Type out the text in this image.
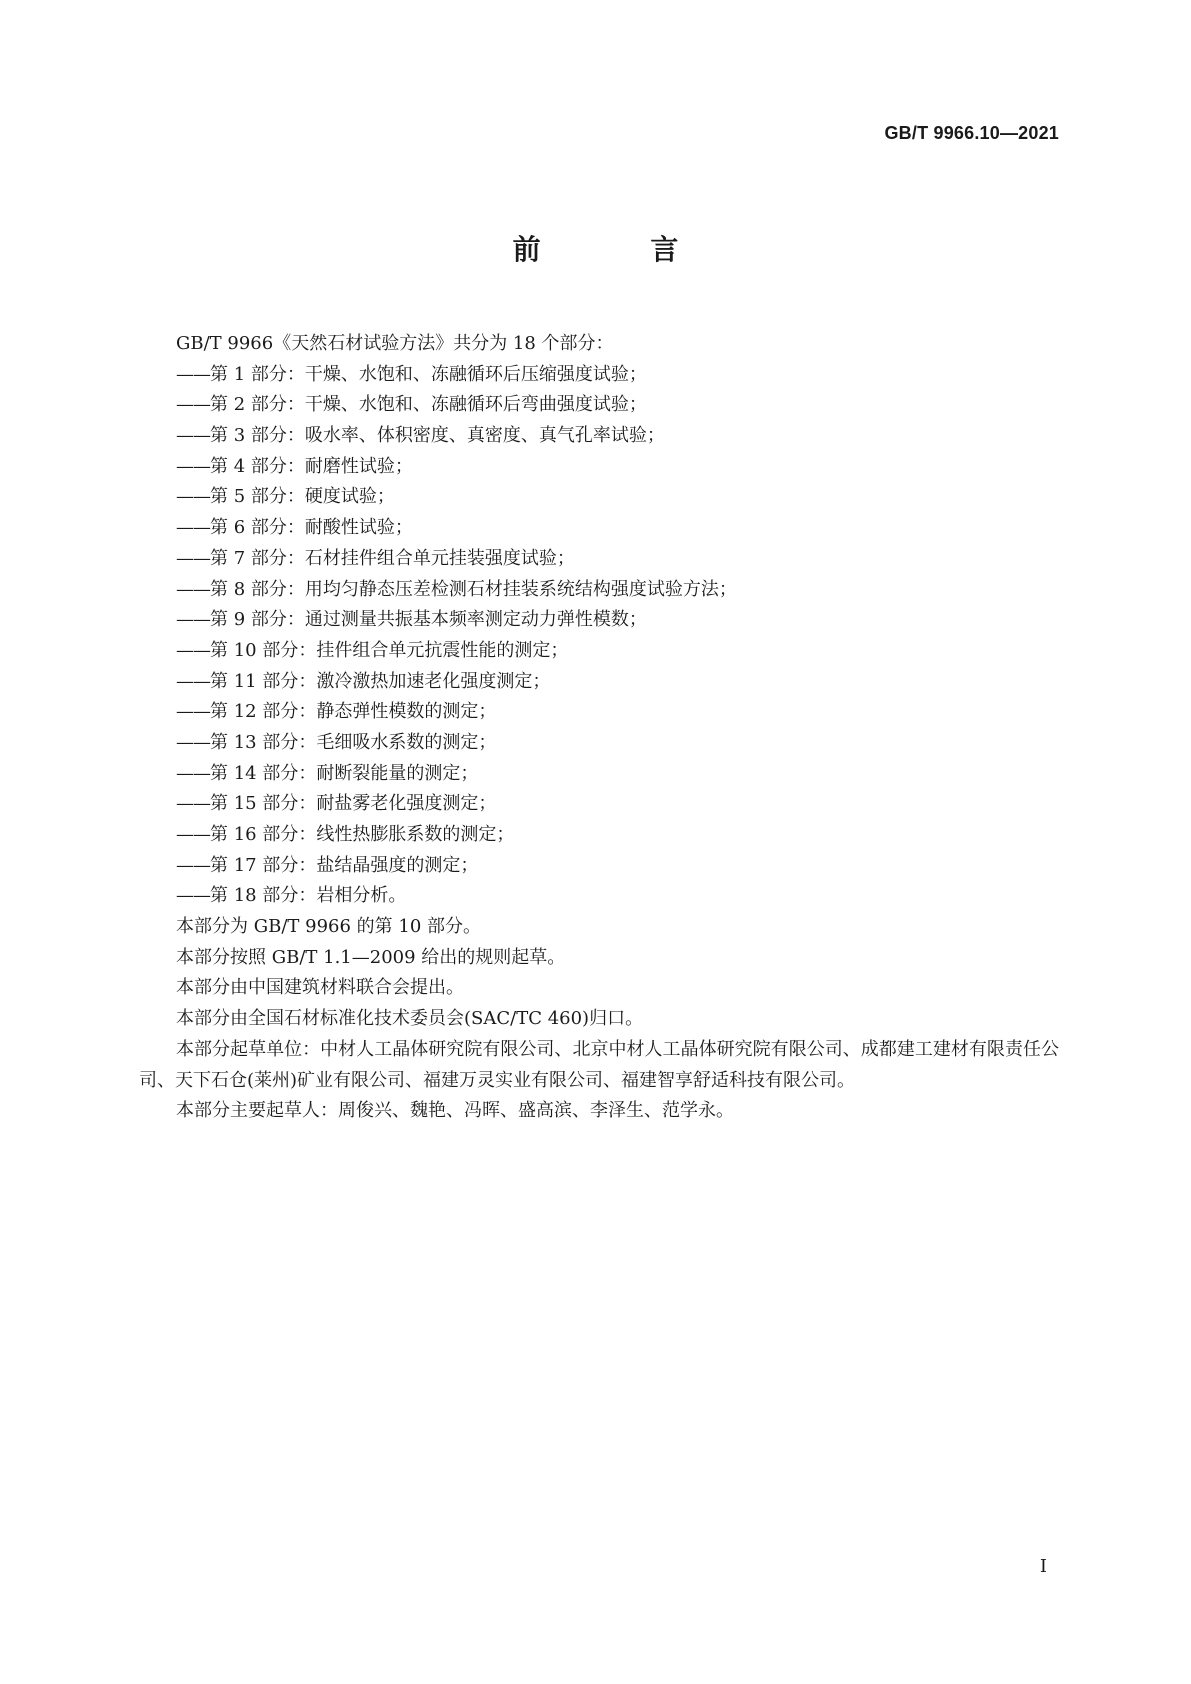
GB/T 9966.10—2021
前 言
GB/T 9966《天然石材试验方法》共分为 18 个部分：
——第 1 部分：干燥、水饱和、冻融循环后压缩强度试验；
——第 2 部分：干燥、水饱和、冻融循环后弯曲强度试验；
——第 3 部分：吸水率、体积密度、真密度、真气孔率试验；
——第 4 部分：耐磨性试验；
——第 5 部分：硬度试验；
——第 6 部分：耐酸性试验；
——第 7 部分：石材挂件组合单元挂装强度试验；
——第 8 部分：用均匀静态压差检测石材挂装系统结构强度试验方法；
——第 9 部分：通过测量共振基本频率测定动力弹性模数；
——第 10 部分：挂件组合单元抗震性能的测定；
——第 11 部分：激冷激热加速老化强度测定；
——第 12 部分：静态弹性模数的测定；
——第 13 部分：毛细吸水系数的测定；
——第 14 部分：耐断裂能量的测定；
——第 15 部分：耐盐雾老化强度测定；
——第 16 部分：线性热膨胀系数的测定；
——第 17 部分：盐结晶强度的测定；
——第 18 部分：岩相分析。
本部分为 GB/T 9966 的第 10 部分。
本部分按照 GB/T 1.1—2009 给出的规则起草。
本部分由中国建筑材料联合会提出。
本部分由全国石材标准化技术委员会(SAC/TC 460)归口。
本部分起草单位：中材人工晶体研究院有限公司、北京中材人工晶体研究院有限公司、成都建工建材有限责任公司、天下石仓(莱州)矿业有限公司、福建万灵实业有限公司、福建智享舒适科技有限公司。
本部分主要起草人：周俊兴、魏艳、冯晖、盛高滨、李泽生、范学永。
I
